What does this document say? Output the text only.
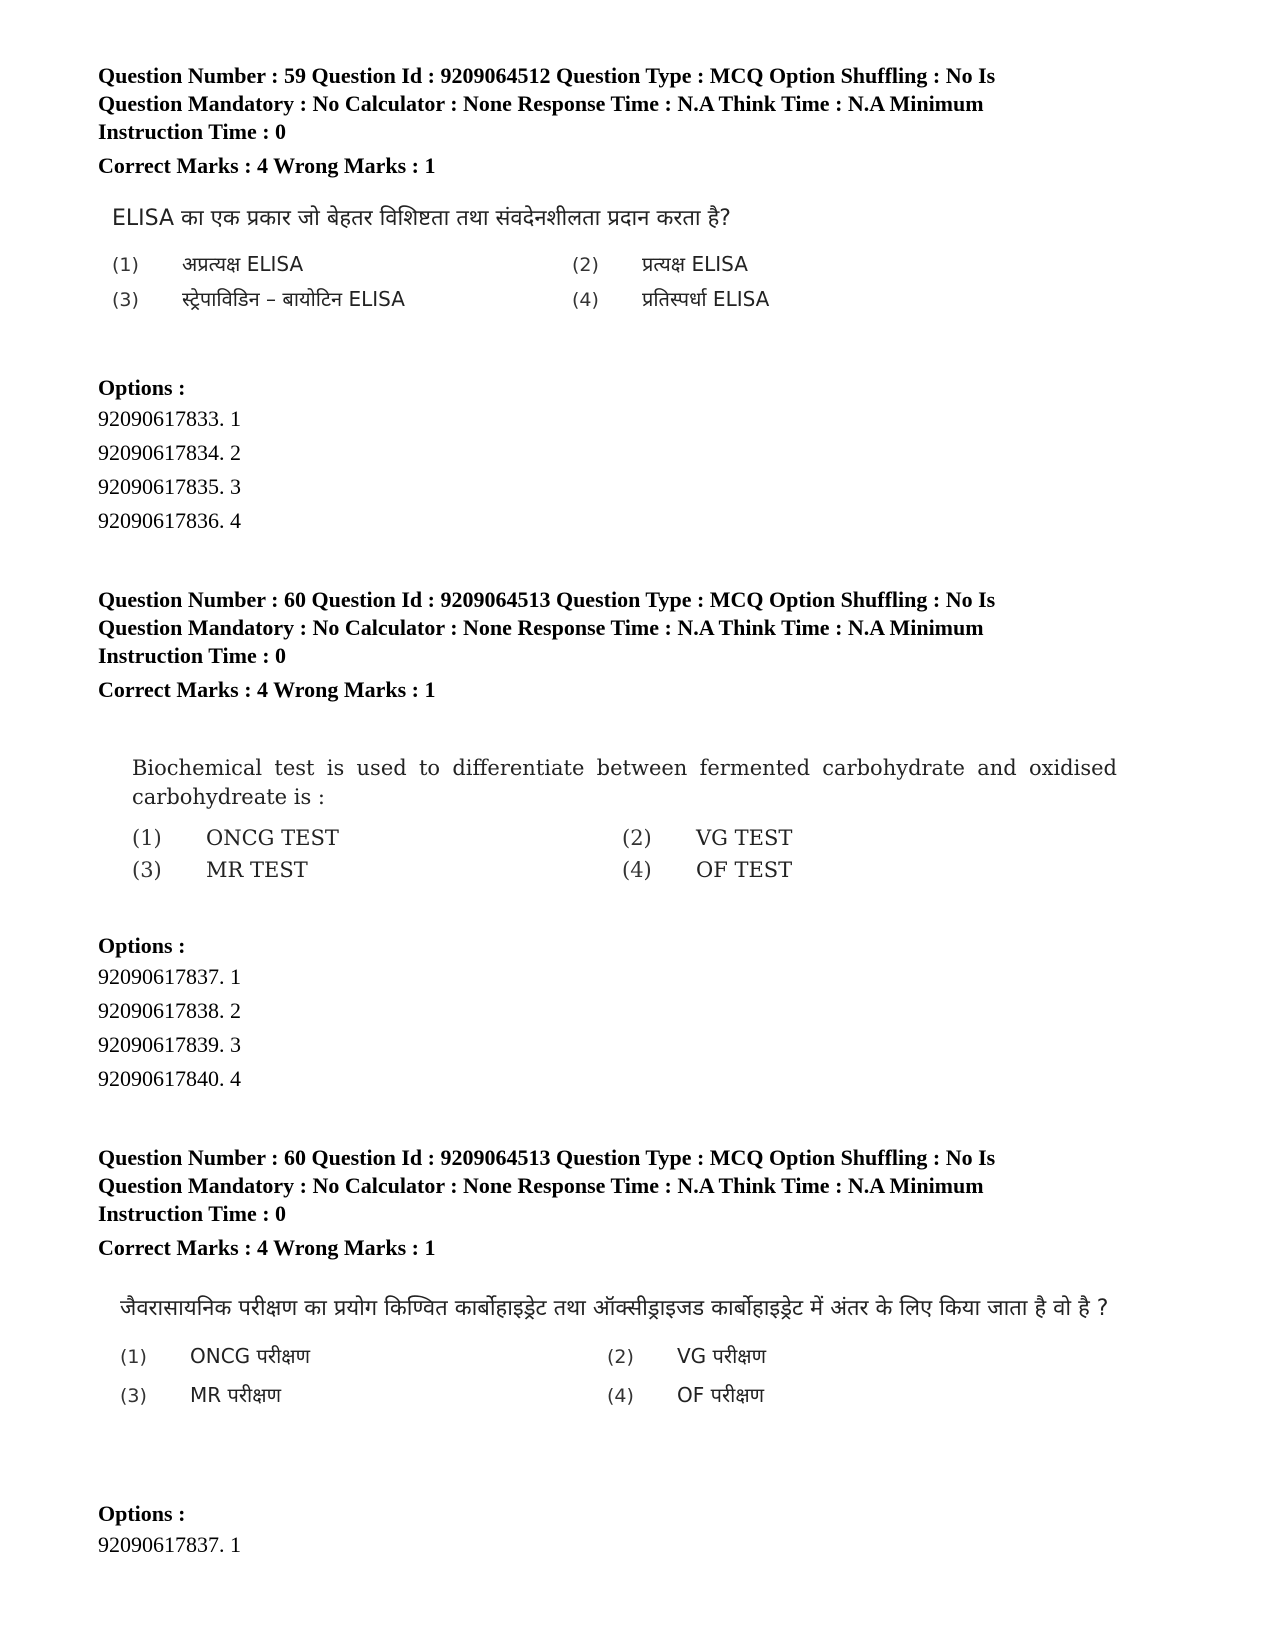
Question Number : 59 Question Id : 9209064512 Question Type : MCQ Option Shuffling : No Is

Question Mandatory : No Calculator : None Response Time : N.A Think Time : N.A Minimum

Instruction Time : 0

Correct Marks : 4 Wrong Marks : 1

ELISA का एक प्रकार जो बेहतर विशिष्टता तथा संवदेनशीलता प्रदान करता है?

(1)	अप्रत्यक्ष ELISA	(2)	प्रत्यक्ष ELISA
(3)	स्ट्रेपाविडिन – बायोटिन ELISA	(4)	प्रतिस्पर्धा ELISA

Options :

92090617833. 1

92090617834. 2

92090617835. 3

92090617836. 4

Question Number : 60 Question Id : 9209064513 Question Type : MCQ Option Shuffling : No Is

Question Mandatory : No Calculator : None Response Time : N.A Think Time : N.A Minimum

Instruction Time : 0

Correct Marks : 4 Wrong Marks : 1

Biochemical test is used to differentiate between fermented carbohydrate and oxidised carbohydreate is :

(1)	ONCG TEST	(2)	VG TEST
(3)	MR TEST	(4)	OF TEST

Options :

92090617837. 1

92090617838. 2

92090617839. 3

92090617840. 4

Question Number : 60 Question Id : 9209064513 Question Type : MCQ Option Shuffling : No Is

Question Mandatory : No Calculator : None Response Time : N.A Think Time : N.A Minimum

Instruction Time : 0

Correct Marks : 4 Wrong Marks : 1

जैवरासायनिक परीक्षण का प्रयोग किण्वित कार्बोहाइड्रेट तथा ऑक्सीड्राइजड कार्बोहाइड्रेट में अंतर के लिए किया जाता है वो है ?

(1)	ONCG परीक्षण	(2)	VG परीक्षण
(3)	MR परीक्षण	(4)	OF परीक्षण

Options :

92090617837. 1
